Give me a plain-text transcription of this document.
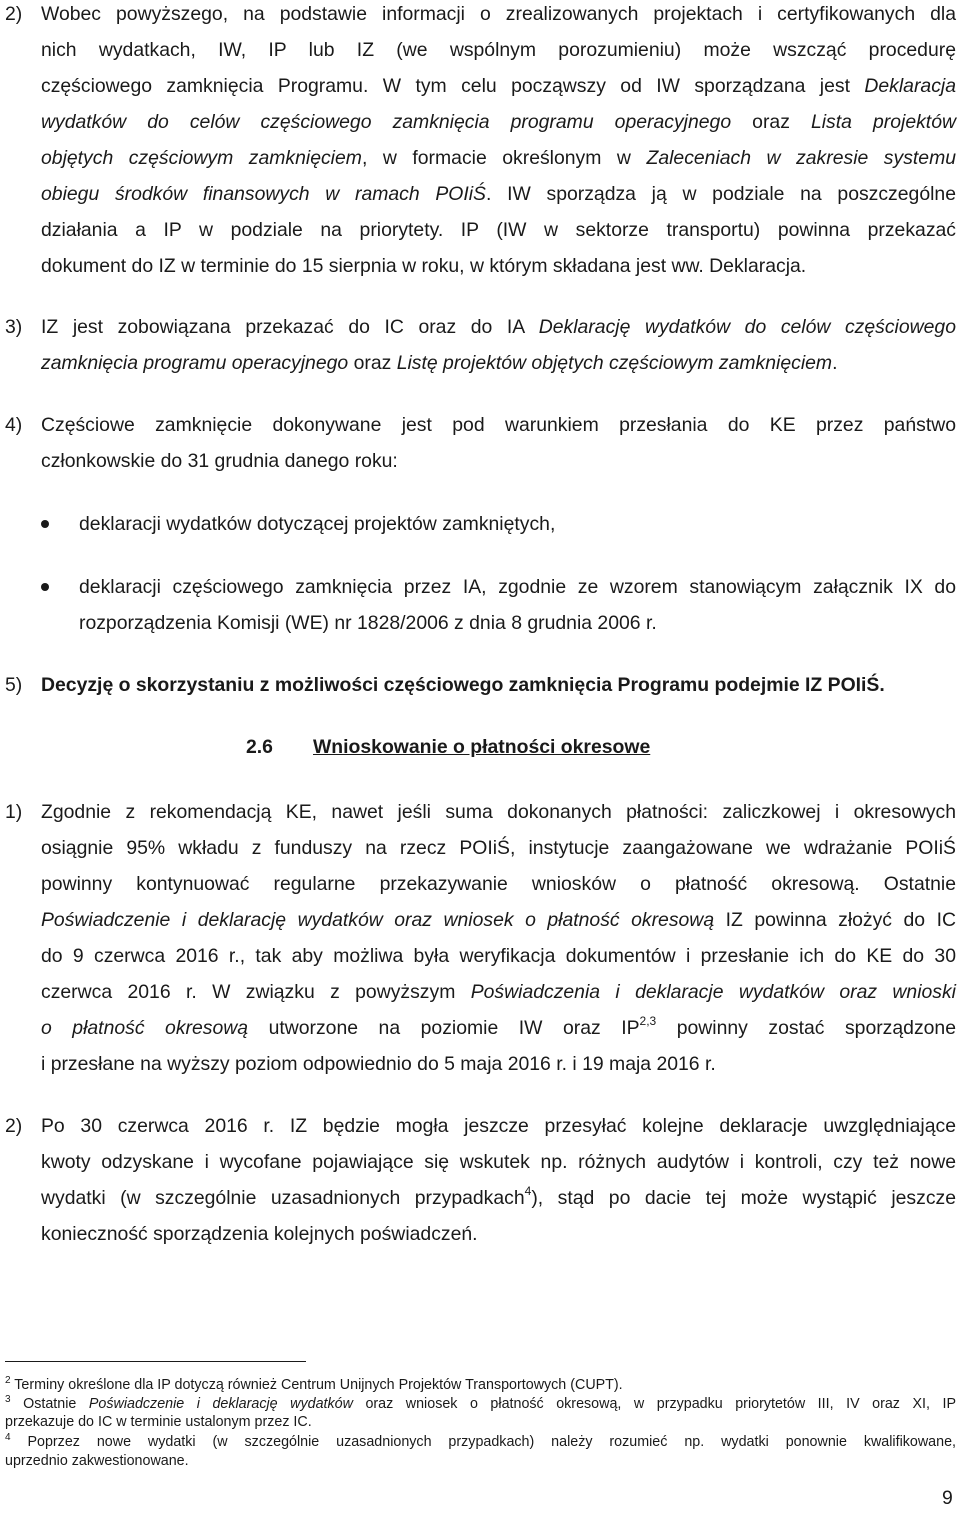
2) Wobec powyższego, na podstawie informacji o zrealizowanych projektach i certyfikowanych dla
nich wydatkach, IW, IP lub IZ (we wspólnym porozumieniu) może wszcząć procedurę
częściowego zamknięcia Programu. W tym celu począwszy od IW sporządzana jest Deklaracja
wydatków do celów częściowego zamknięcia programu operacyjnego oraz Lista projektów
objętych częściowym zamknięciem, w formacie określonym w Zaleceniach w zakresie systemu
obiegu środków finansowych w ramach POIiŚ. IW sporządza ją w podziale na poszczególne
działania a IP w podziale na priorytety. IP (IW w sektorze transportu) powinna przekazać
dokument do IZ w terminie do 15 sierpnia w roku, w którym składana jest ww. Deklaracja.
3) IZ jest zobowiązana przekazać do IC oraz do IA Deklarację wydatków do celów częściowego
zamknięcia programu operacyjnego oraz Listę projektów objętych częściowym zamknięciem.
4) Częściowe zamknięcie dokonywane jest pod warunkiem przesłania do KE przez państwo
członkowskie do 31 grudnia danego roku:
deklaracji wydatków dotyczącej projektów zamkniętych,
deklaracji częściowego zamknięcia przez IA, zgodnie ze wzorem stanowiącym załącznik IX do
rozporządzenia Komisji (WE) nr 1828/2006 z dnia 8 grudnia 2006 r.
5) Decyzję o skorzystaniu z możliwości częściowego zamknięcia Programu podejmie IZ POIiŚ.
2.6 Wnioskowanie o płatności okresowe
1) Zgodnie z rekomendacją KE, nawet jeśli suma dokonanych płatności: zaliczkowej i okresowych
osiągnie 95% wkładu z funduszy na rzecz POIiŚ, instytucje zaangażowane we wdrażanie POIiŚ
powinny kontynuować regularne przekazywanie wniosków o płatność okresową. Ostatnie
Poświadczenie i deklarację wydatków oraz wniosek o płatność okresową IZ powinna złożyć do IC
do 9 czerwca 2016 r., tak aby możliwa była weryfikacja dokumentów i przesłanie ich do KE do 30
czerwca 2016 r. W związku z powyższym Poświadczenia i deklaracje wydatków oraz wnioski
o płatność okresową utworzone na poziomie IW oraz IP$^{2,3}$ powinny zostać sporządzone
i przesłane na wyższy poziom odpowiednio do 5 maja 2016 r. i 19 maja 2016 r.
2) Po 30 czerwca 2016 r. IZ będzie mogła jeszcze przesyłać kolejne deklaracje uwzględniające
kwoty odzyskane i wycofane pojawiające się wskutek np. różnych audytów i kontroli, czy też nowe
wydatki (w szczególnie uzasadnionych przypadkach$^4$), stąd po dacie tej może wystąpić jeszcze
konieczność sporządzenia kolejnych poświadczeń.
$^2$ Terminy określone dla IP dotyczą również Centrum Unijnych Projektów Transportowych (CUPT).
$^3$ Ostatnie Poświadczenie i deklarację wydatków oraz wniosek o płatność okresową, w przypadku priorytetów III, IV oraz XI, IP
przekazuje do IC w terminie ustalonym przez IC.
$^4$ Poprzez nowe wydatki (w szczególnie uzasadnionych przypadkach) należy rozumieć np. wydatki ponownie kwalifikowane,
uprzednio zakwestionowane.
9
